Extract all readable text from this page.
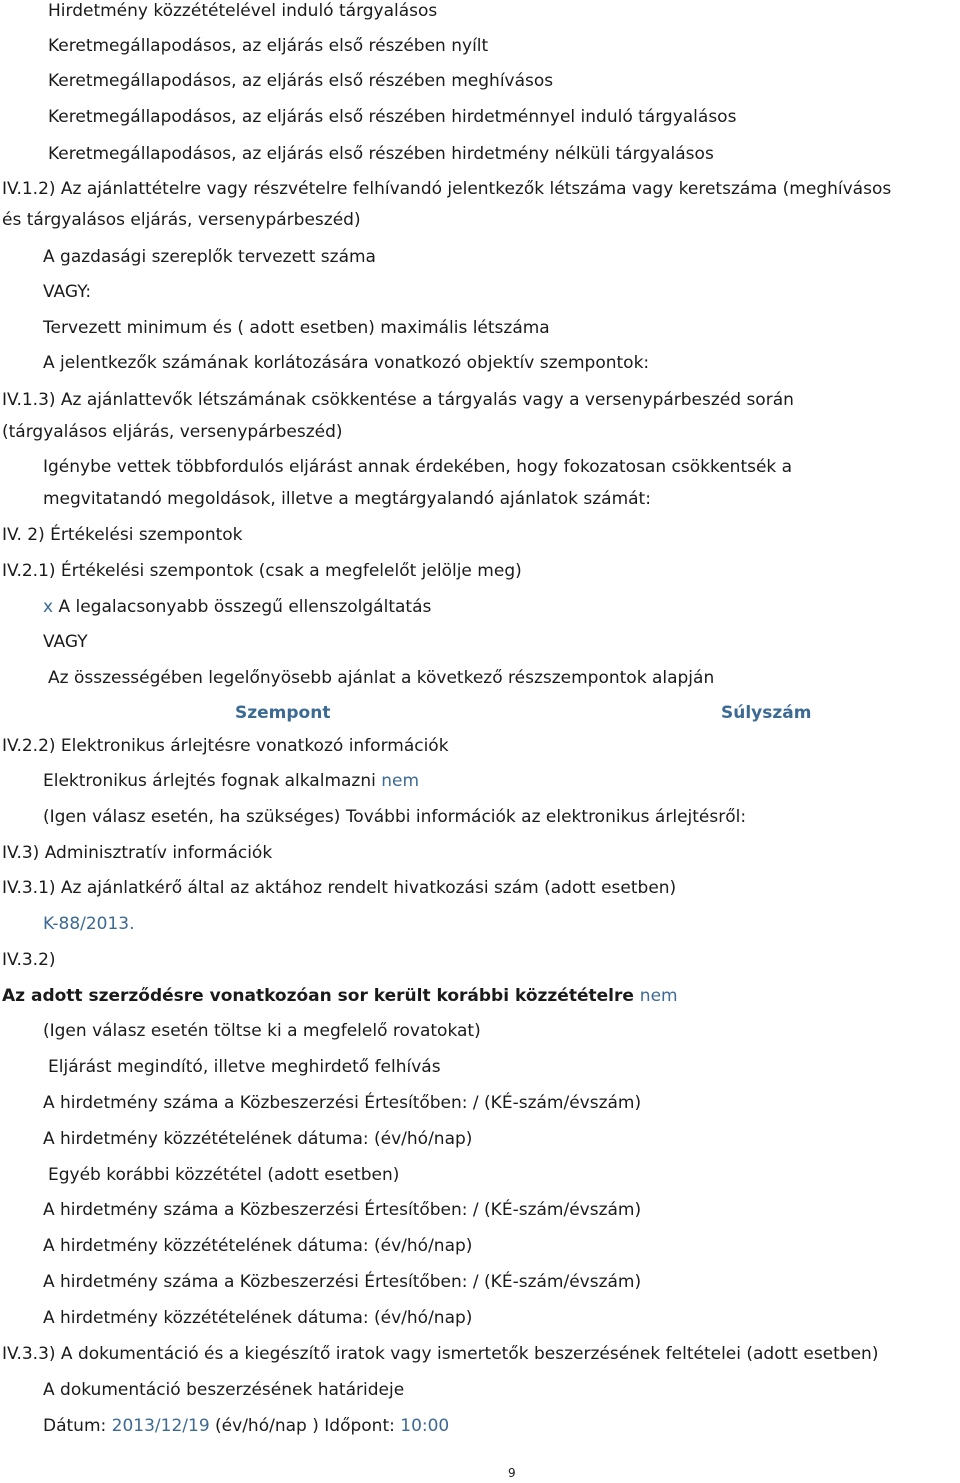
Hirdetmény közzétételével induló tárgyalásos
Keretmegállapodásos, az eljárás első részében nyílt
Keretmegállapodásos, az eljárás első részében meghívásos
Keretmegállapodásos, az eljárás első részében hirdetménnyel induló tárgyalásos
Keretmegállapodásos, az eljárás első részében hirdetmény nélküli tárgyalásos
IV.1.2) Az ajánlattételre vagy részvételre felhívandó jelentkezők létszáma vagy keretszáma (meghívásos
és tárgyalásos eljárás, versenypárbeszéd)
A gazdasági szereplők tervezett száma
VAGY:
Tervezett minimum és ( adott esetben) maximális létszáma
A jelentkezők számának korlátozására vonatkozó objektív szempontok:
IV.1.3) Az ajánlattevők létszámának csökkentése a tárgyalás vagy a versenypárbeszéd során
(tárgyalásos eljárás, versenypárbeszéd)
Igénybe vettek többfordulós eljárást annak érdekében, hogy fokozatosan csökkentsék a
megvitatandó megoldások, illetve a megtárgyalandó ajánlatok számát:
IV. 2) Értékelési szempontok
IV.2.1) Értékelési szempontok (csak a megfelelőt jelölje meg)
x A legalacsonyabb összegű ellenszolgáltatás
VAGY
Az összességében legelőnyösebb ajánlat a következő részszempontok alapján
Szempont	Súlyszám
IV.2.2) Elektronikus árlejtésre vonatkozó információk
Elektronikus árlejtés fognak alkalmazni nem
(Igen válasz esetén, ha szükséges) További információk az elektronikus árlejtésről:
IV.3) Adminisztratív információk
IV.3.1) Az ajánlatkérő által az aktához rendelt hivatkozási szám (adott esetben)
K-88/2013.
IV.3.2)
Az adott szerződésre vonatkozóan sor került korábbi közzétételre nem
(Igen válasz esetén töltse ki a megfelelő rovatokat)
Eljárást megindító, illetve meghirdető felhívás
A hirdetmény száma a Közbeszerzési Értesítőben: / (KÉ-szám/évszám)
A hirdetmény közzétételének dátuma: (év/hó/nap)
Egyéb korábbi közzététel (adott esetben)
A hirdetmény száma a Közbeszerzési Értesítőben: / (KÉ-szám/évszám)
A hirdetmény közzétételének dátuma: (év/hó/nap)
A hirdetmény száma a Közbeszerzési Értesítőben: / (KÉ-szám/évszám)
A hirdetmény közzétételének dátuma: (év/hó/nap)
IV.3.3) A dokumentáció és a kiegészítő iratok vagy ismertetők beszerzésének feltételei (adott esetben)
A dokumentáció beszerzésének határideje
Dátum: 2013/12/19 (év/hó/nap ) Időpont: 10:00
9
